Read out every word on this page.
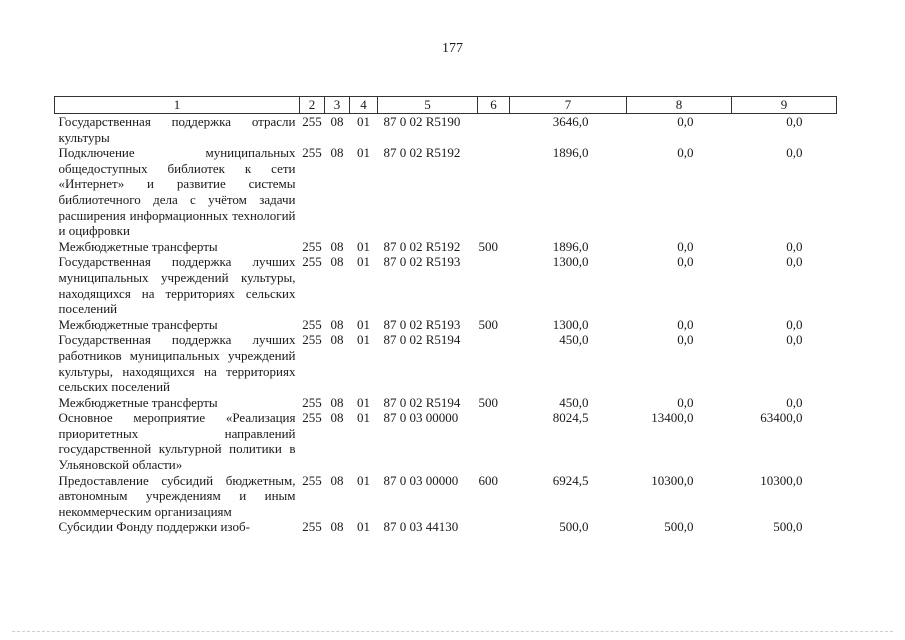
177
1	2	3	4	5	6	7	8	9
Государственная поддержка отрасли культуры	255	08	01	87 0 02 R5190		3646,0	0,0	0,0
Подключение муниципальных общедоступных библиотек к сети «Интернет» и развитие системы библиотечного дела с учётом задачи расширения информационных технологий и оцифровки	255	08	01	87 0 02 R5192		1896,0	0,0	0,0
Межбюджетные трансферты	255	08	01	87 0 02 R5192	500	1896,0	0,0	0,0
Государственная поддержка лучших муниципальных учреждений культуры, находящихся на территориях сельских поселений	255	08	01	87 0 02 R5193		1300,0	0,0	0,0
Межбюджетные трансферты	255	08	01	87 0 02 R5193	500	1300,0	0,0	0,0
Государственная поддержка лучших работников муниципальных учреждений культуры, находящихся на территориях сельских поселений	255	08	01	87 0 02 R5194		450,0	0,0	0,0
Межбюджетные трансферты	255	08	01	87 0 02 R5194	500	450,0	0,0	0,0
Основное мероприятие «Реализация приоритетных направлений государственной культурной политики в Ульяновской области»	255	08	01	87 0 03 00000		8024,5	13400,0	63400,0
Предоставление субсидий бюджетным, автономным учреждениям и иным некоммерческим организациям	255	08	01	87 0 03 00000	600	6924,5	10300,0	10300,0
Субсидии Фонду поддержки изоб-	255	08	01	87 0 03 44130		500,0	500,0	500,0
